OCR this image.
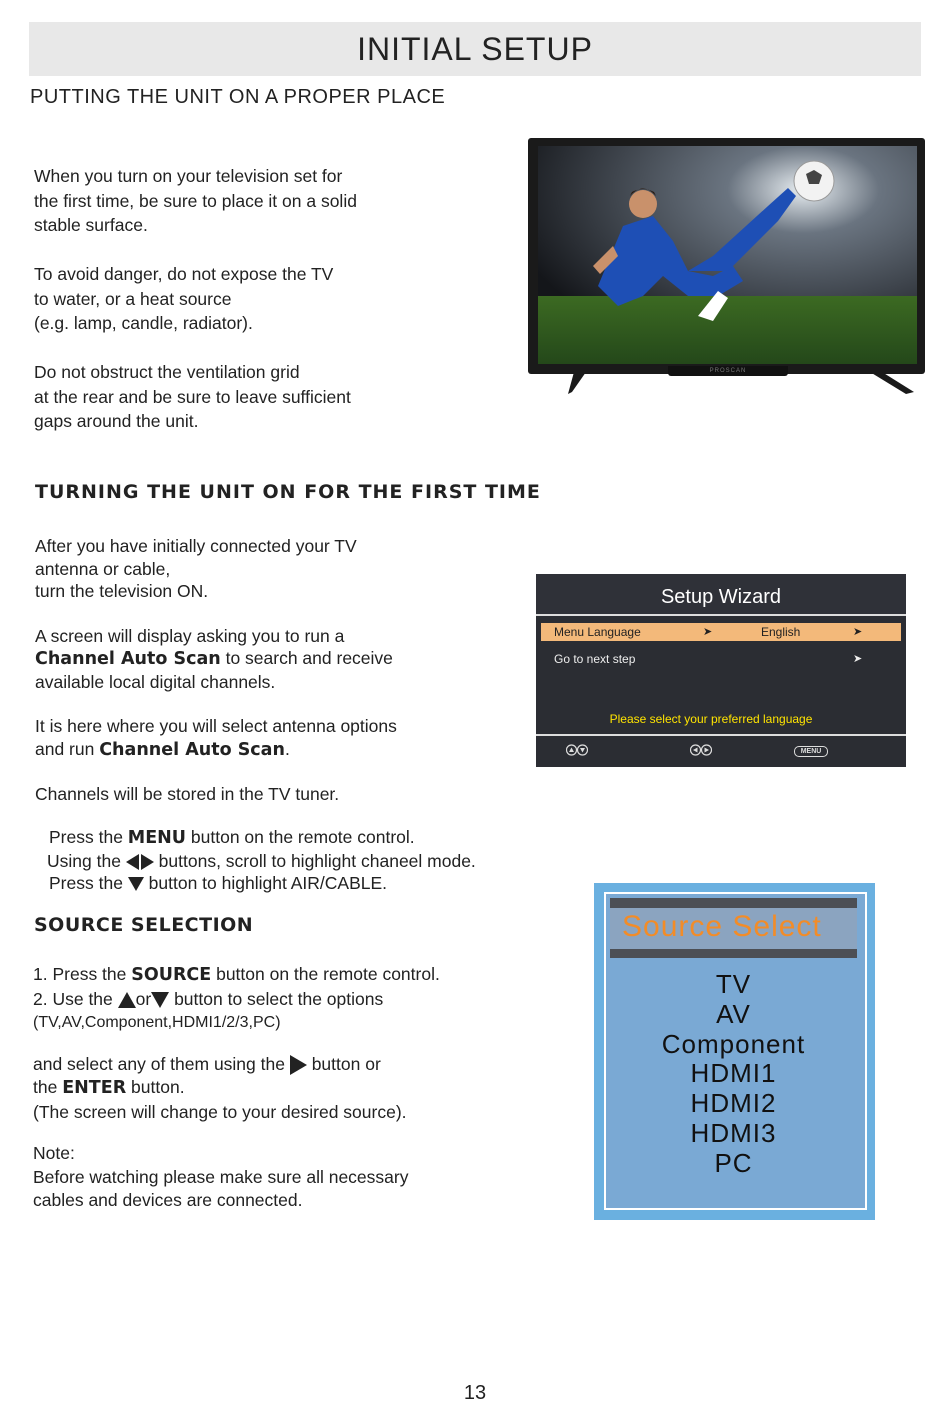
INITIAL SETUP
PUTTING THE UNIT ON A PROPER PLACE

When you turn on your television set for

the first time, be sure to place it on a solid

stable surface.

To avoid danger, do not expose the TV

to water, or a heat source

(e.g. lamp, candle, radiator).

Do not obstruct the ventilation grid

at the rear and be sure to leave sufficient

gaps around the unit.

PROSCAN
TURNING THE UNIT ON FOR THE FIRST TIME

After you have initially connected your TV

antenna or cable,

turn the television ON.

A screen will display asking you to run a

Channel Auto Scan to search and receive

available local digital channels.

It is here where you will select antenna options

and run Channel Auto Scan.

Channels will be stored in the TV tuner.

Press the MENU button on the remote control.

Using the  buttons, scroll to highlight chaneel mode.

Press the  button to highlight AIR/CABLE.

Setup Wizard
Menu Language	➤	English	➤
Go to next step	➤
Please select your preferred language
MENU
SOURCE SELECTION

1. Press the SOURCE button on the remote control.

2. Use the or button to select the options

(TV,AV,Component,HDMI1/2/3,PC)

and select any of them using the  button or

the ENTER button.

(The screen will change to your desired source).

Note:

Before watching please make sure all necessary

cables and devices are connected.

Source Select
TV
AV
Component
HDMI1
HDMI2
HDMI3
PC
13
